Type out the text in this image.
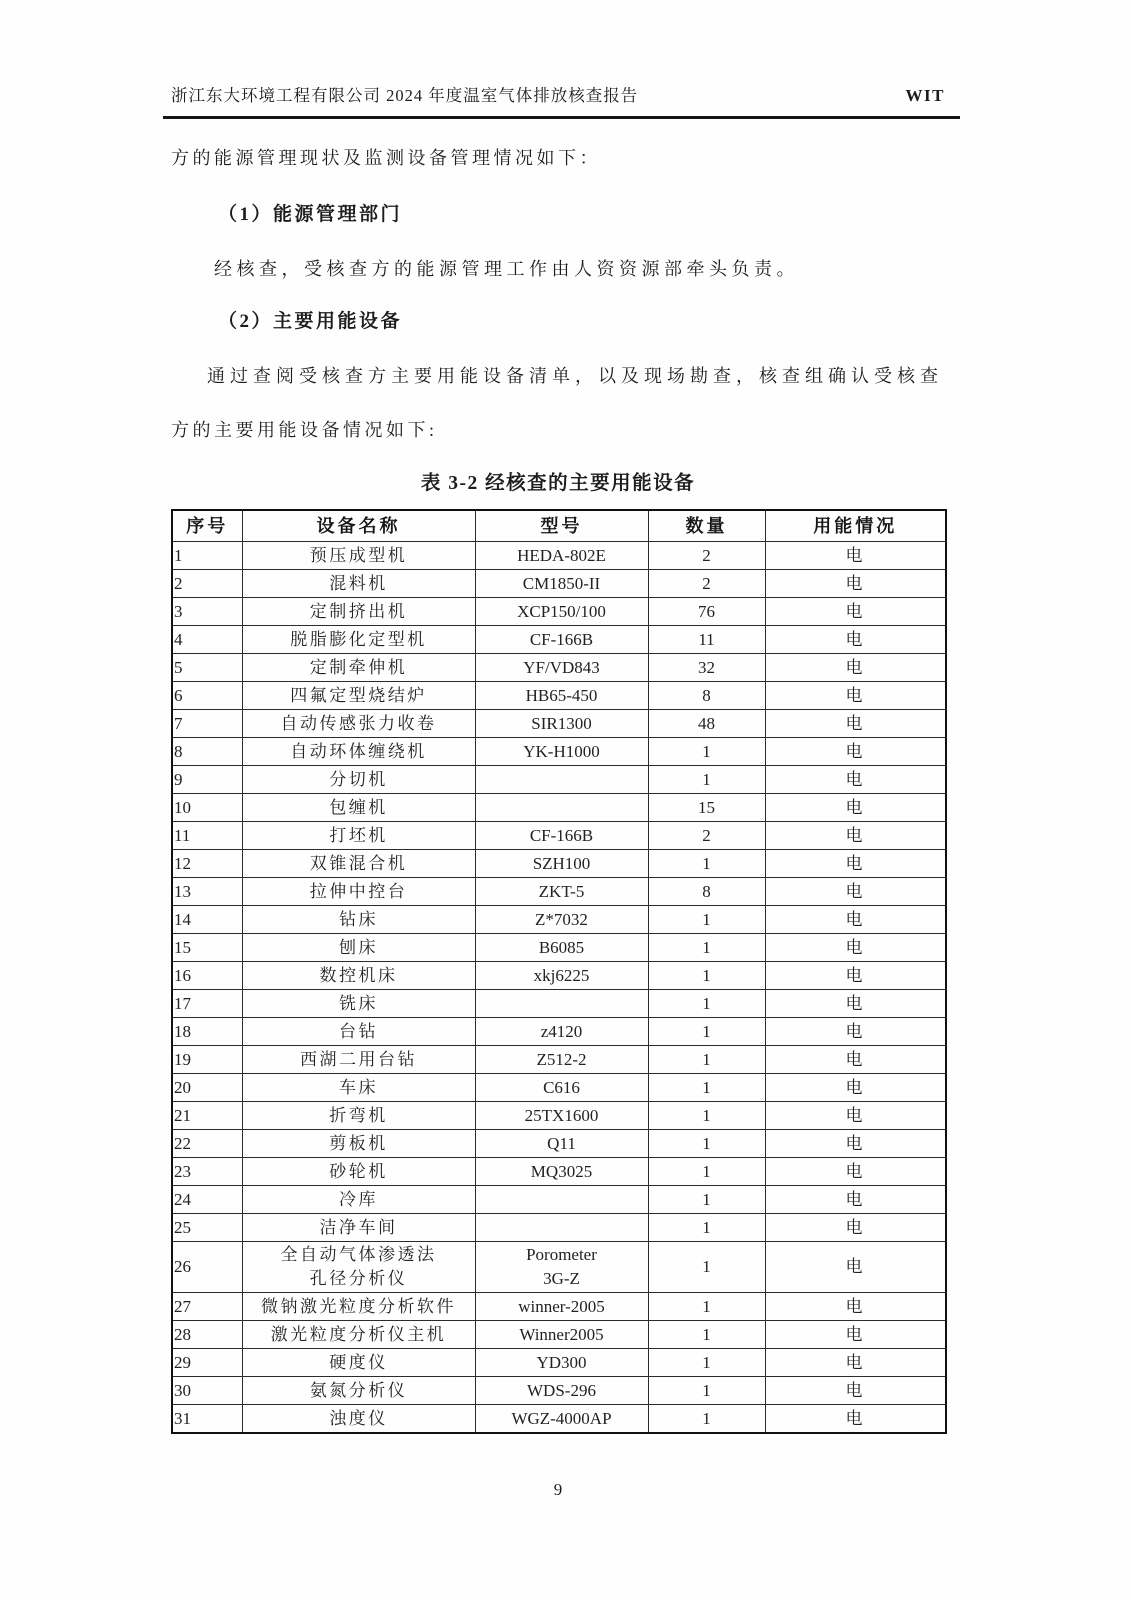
浙江东大环境工程有限公司 2024 年度温室气体排放核查报告	WIT
方的能源管理现状及监测设备管理情况如下：
（1）能源管理部门
经核查，受核查方的能源管理工作由人资资源部牵头负责。
（2）主要用能设备
通过查阅受核查方主要用能设备清单，以及现场勘查，核查组确认受核查
方的主要用能设备情况如下:
表 3-2 经核查的主要用能设备
序号	设备名称	型号	数量	用能情况
1	预压成型机	HEDA-802E	2	电
2	混料机	CM1850-II	2	电
3	定制挤出机	XCP150/100	76	电
4	脱脂膨化定型机	CF-166B	11	电
5	定制牵伸机	YF/VD843	32	电
6	四氟定型烧结炉	HB65-450	8	电
7	自动传感张力收卷	SIR1300	48	电
8	自动环体缠绕机	YK-H1000	1	电
9	分切机		1	电
10	包缠机		15	电
11	打坯机	CF-166B	2	电
12	双锥混合机	SZH100	1	电
13	拉伸中控台	ZKT-5	8	电
14	钻床	Z*7032	1	电
15	刨床	B6085	1	电
16	数控机床	xkj6225	1	电
17	铣床		1	电
18	台钻	z4120	1	电
19	西湖二用台钻	Z512-2	1	电
20	车床	C616	1	电
21	折弯机	25TX1600	1	电
22	剪板机	Q11	1	电
23	砂轮机	MQ3025	1	电
24	冷库		1	电
25	洁净车间		1	电
26	全自动气体渗透法
孔径分析仪	Porometer
3G-Z	1	电
27	微钠激光粒度分析软件	winner-2005	1	电
28	激光粒度分析仪主机	Winner2005	1	电
29	硬度仪	YD300	1	电
30	氨氮分析仪	WDS-296	1	电
31	浊度仪	WGZ-4000AP	1	电
9
